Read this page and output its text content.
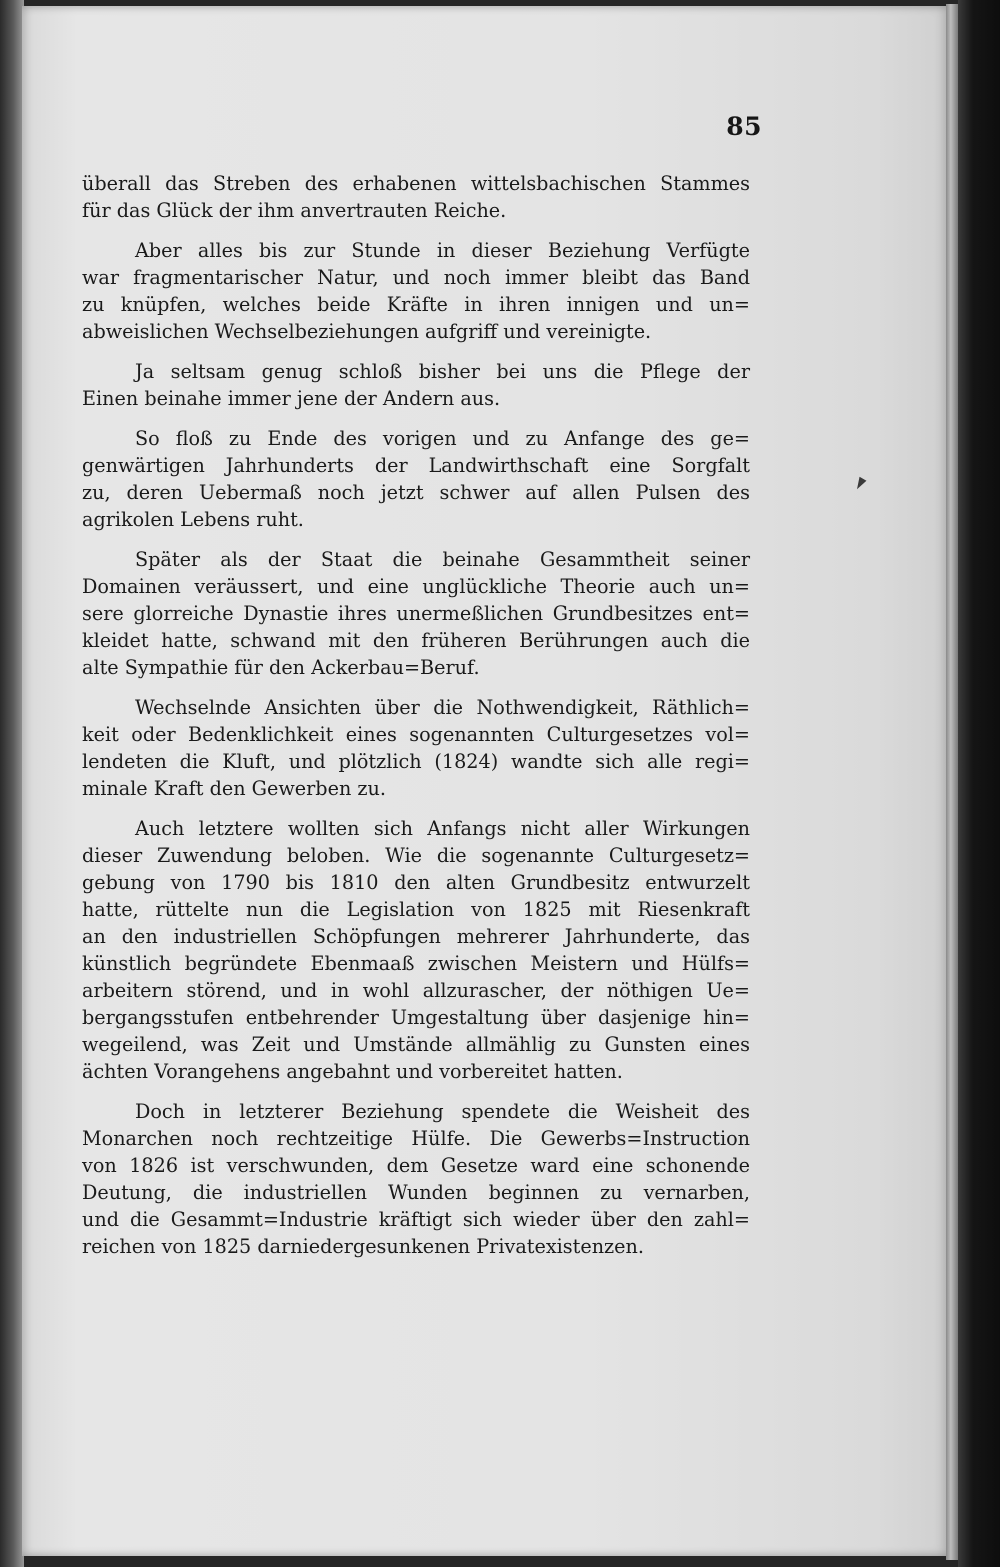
85
überall das Streben des erhabenen wittelsbachischen Stammes
für das Glück der ihm anvertrauten Reiche.
Aber alles bis zur Stunde in dieser Beziehung Verfügte
war fragmentarischer Natur, und noch immer bleibt das Band
zu knüpfen, welches beide Kräfte in ihren innigen und un=
abweislichen Wechselbeziehungen aufgriff und vereinigte.
Ja seltsam genug schloß bisher bei uns die Pflege der
Einen beinahe immer jene der Andern aus.
So floß zu Ende des vorigen und zu Anfange des ge=
genwärtigen Jahrhunderts der Landwirthschaft eine Sorgfalt
zu, deren Uebermaß noch jetzt schwer auf allen Pulsen des
agrikolen Lebens ruht.
Später als der Staat die beinahe Gesammtheit seiner
Domainen veräussert, und eine unglückliche Theorie auch un=
sere glorreiche Dynastie ihres unermeßlichen Grundbesitzes ent=
kleidet hatte, schwand mit den früheren Berührungen auch die
alte Sympathie für den Ackerbau=Beruf.
Wechselnde Ansichten über die Nothwendigkeit, Räthlich=
keit oder Bedenklichkeit eines sogenannten Culturgesetzes vol=
lendeten die Kluft, und plötzlich (1824) wandte sich alle regi=
minale Kraft den Gewerben zu.
Auch letztere wollten sich Anfangs nicht aller Wirkungen
dieser Zuwendung beloben. Wie die sogenannte Culturgesetz=
gebung von 1790 bis 1810 den alten Grundbesitz entwurzelt
hatte, rüttelte nun die Legislation von 1825 mit Riesenkraft
an den industriellen Schöpfungen mehrerer Jahrhunderte, das
künstlich begründete Ebenmaaß zwischen Meistern und Hülfs=
arbeitern störend, und in wohl allzurascher, der nöthigen Ue=
bergangsstufen entbehrender Umgestaltung über dasjenige hin=
wegeilend, was Zeit und Umstände allmählig zu Gunsten eines
ächten Vorangehens angebahnt und vorbereitet hatten.
Doch in letzterer Beziehung spendete die Weisheit des
Monarchen noch rechtzeitige Hülfe. Die Gewerbs=Instruction
von 1826 ist verschwunden, dem Gesetze ward eine schonende
Deutung, die industriellen Wunden beginnen zu vernarben,
und die Gesammt=Industrie kräftigt sich wieder über den zahl=
reichen von 1825 darniedergesunkenen Privatexistenzen.
